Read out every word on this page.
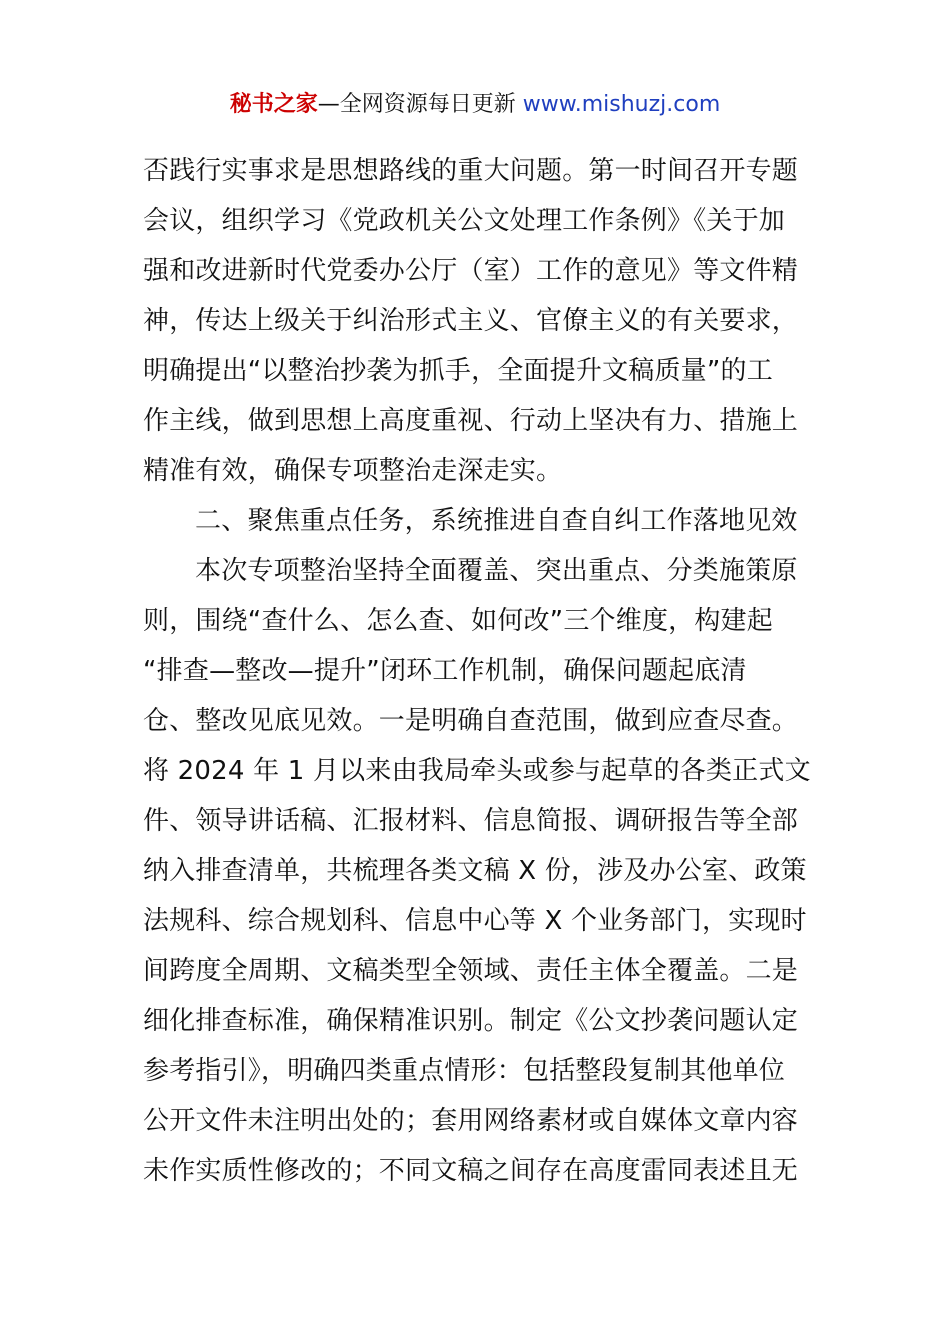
秘书之家—全网资源每日更新 www.mishuzj.com
否践行实事求是思想路线的重大问题。第一时间召开专题
会议，组织学习《党政机关公文处理工作条例》《关于加
强和改进新时代党委办公厅（室）工作的意见》等文件精
神，传达上级关于纠治形式主义、官僚主义的有关要求，
明确提出“以整治抄袭为抓手，全面提升文稿质量”的工
作主线，做到思想上高度重视、行动上坚决有力、措施上
精准有效，确保专项整治走深走实。
二、聚焦重点任务，系统推进自查自纠工作落地见效
本次专项整治坚持全面覆盖、突出重点、分类施策原
则，围绕“查什么、怎么查、如何改”三个维度，构建起
“排查—整改—提升”闭环工作机制，确保问题起底清
仓、整改见底见效。一是明确自查范围，做到应查尽查。
将 2024 年 1 月以来由我局牵头或参与起草的各类正式文
件、领导讲话稿、汇报材料、信息简报、调研报告等全部
纳入排查清单，共梳理各类文稿 X 份，涉及办公室、政策
法规科、综合规划科、信息中心等 X 个业务部门，实现时
间跨度全周期、文稿类型全领域、责任主体全覆盖。二是
细化排查标准，确保精准识别。制定《公文抄袭问题认定
参考指引》，明确四类重点情形：包括整段复制其他单位
公开文件未注明出处的；套用网络素材或自媒体文章内容
未作实质性修改的；不同文稿之间存在高度雷同表述且无
